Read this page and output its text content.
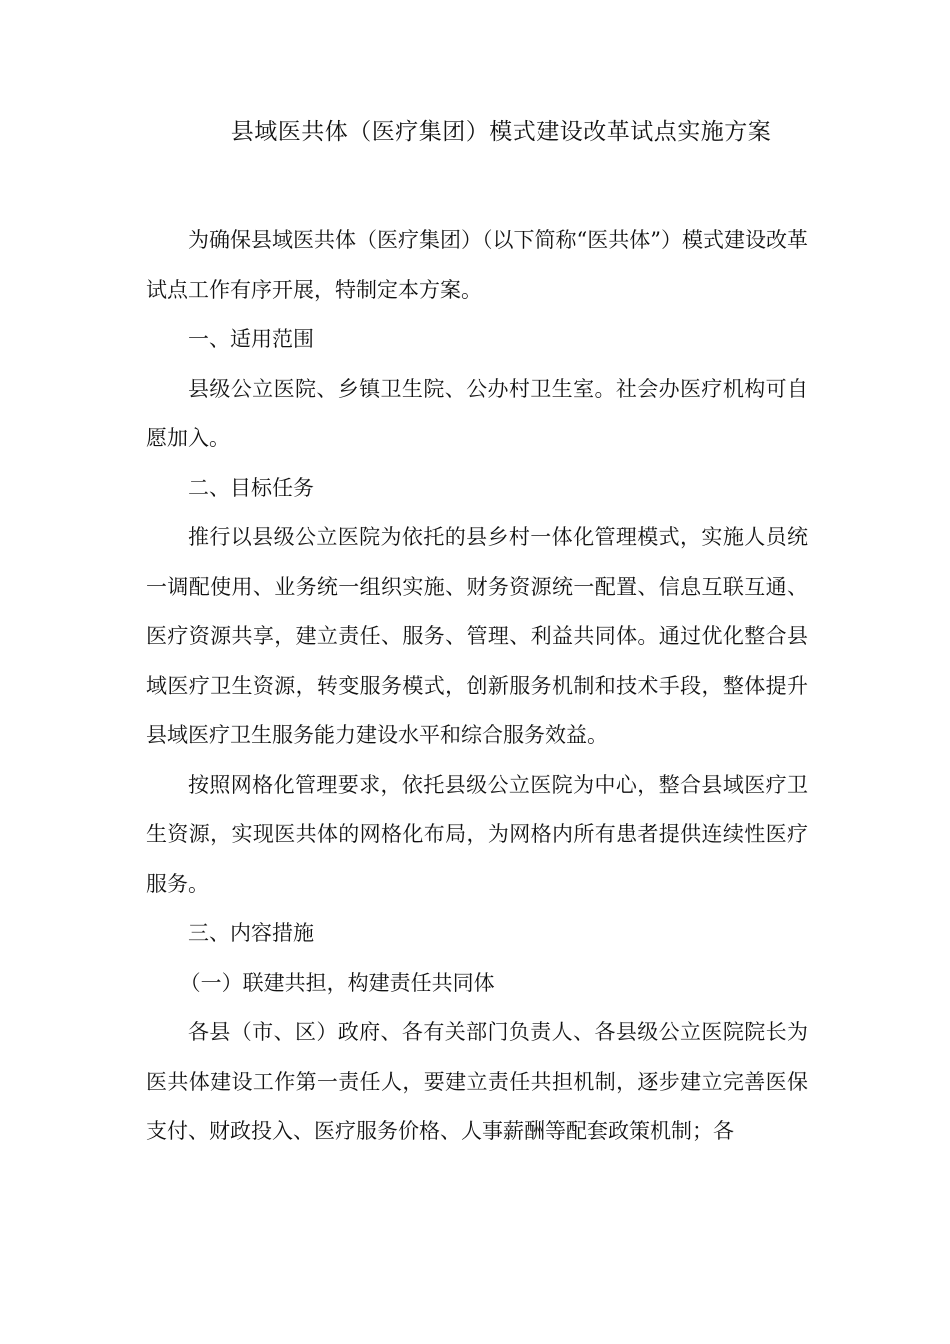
县域医共体（医疗集团）模式建设改革试点实施方案

为确保县域医共体（医疗集团）（以下简称“医共体”）模式建设改革试点工作有序开展，特制定本方案。

一、适用范围

县级公立医院、乡镇卫生院、公办村卫生室。社会办医疗机构可自愿加入。

二、目标任务

推行以县级公立医院为依托的县乡村一体化管理模式，实施人员统一调配使用、业务统一组织实施、财务资源统一配置、信息互联互通、医疗资源共享，建立责任、服务、管理、利益共同体。通过优化整合县域医疗卫生资源，转变服务模式，创新服务机制和技术手段，整体提升县域医疗卫生服务能力建设水平和综合服务效益。

按照网格化管理要求，依托县级公立医院为中心，整合县域医疗卫生资源，实现医共体的网格化布局，为网格内所有患者提供连续性医疗服务。

三、内容措施

（一）联建共担，构建责任共同体

各县（市、区）政府、各有关部门负责人、各县级公立医院院长为医共体建设工作第一责任人，要建立责任共担机制，逐步建立完善医保支付、财政投入、医疗服务价格、人事薪酬等配套政策机制；各
